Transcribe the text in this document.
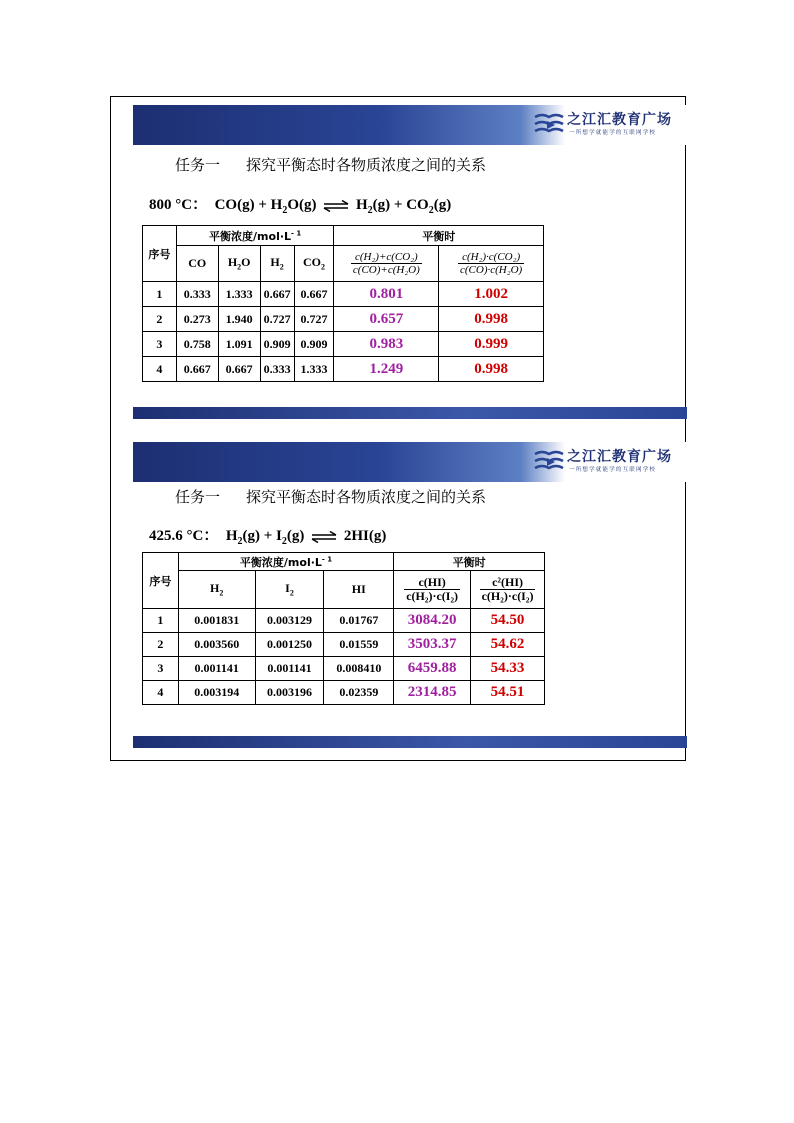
之江汇教育广场
一所想学就能学的互联网学校
任务一 探究平衡态时各物质浓度之间的关系
800 °C： $CO(g) + H_2O(g)$ ⇌ $H_2(g) + CO_2(g)$
序号	平衡浓度$/mol\cdot L^{- 1}$				平衡时	
	CO	$H_2O$	$H_2$	$CO_2$	$\frac{\text{c(H₂)+c(CO₂)}}{\text{c(CO)+c(H₂O)}}$	$\frac{\text{c(H₂)·c(CO₂)}}{\text{c(CO)·c(H₂O)}}$

1	0.333	1.333	0.667	0.667	0.801	1.002
2	0.273	1.940	0.727	0.727	0.657	0.998
3	0.758	1.091	0.909	0.909	0.983	0.999
4	0.667	0.667	0.333	1.333	1.249	0.998
之江汇教育广场
一所想学就能学的互联网学校
任务一 探究平衡态时各物质浓度之间的关系
425.6 °C： $H_2(g) + I_2(g)$ ⇌ 2HI(g)
序号	平衡浓度$/mol\cdot L^{- 1}$			平衡时	
	$H_2$	$I_2$	HI	$\frac{c(HI)}{\text{c(H₂)·c(I₂)}}$	$\frac{\text{c²(HI)}}{\text{c(H₂)·c(I₂)}}$

1	0.001831	0.003129	0.01767	3084.20	54.50
2	0.003560	0.001250	0.01559	3503.37	54.62
3	0.001141	0.001141	0.008410	6459.88	54.33
4	0.003194	0.003196	0.02359	2314.85	54.51
